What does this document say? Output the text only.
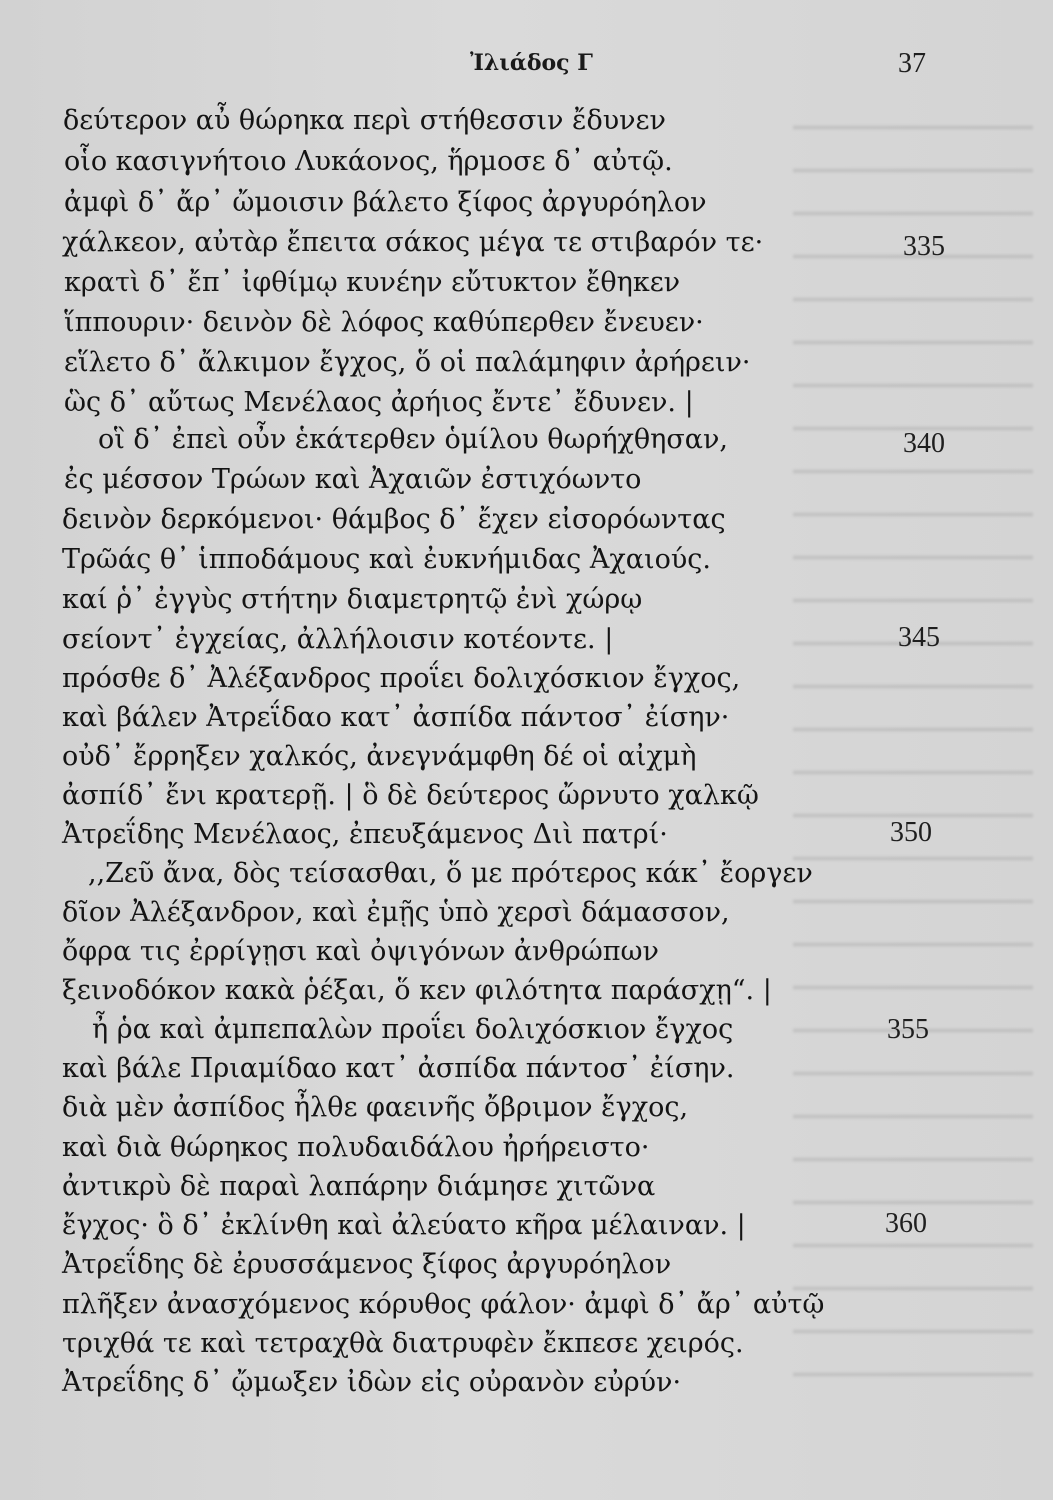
Ἰλιάδος Γ	37
δεύτερον αὖ θώρηκα περὶ στήθεσσιν ἔδυνεν
οἷο κασιγνήτοιο Λυκάονος, ἥρμοσε δ᾽ αὐτῷ.
ἀμφὶ δ᾽ ἄρ᾽ ὤμοισιν βάλετο ξίφος ἀργυρόηλον
χάλκεον, αὐτὰρ ἔπειτα σάκος μέγα τε στιβαρόν τε·
κρατὶ δ᾽ ἔπ᾽ ἰφθίμῳ κυνέην εὔτυκτον ἔθηκεν
ἵππουριν· δεινὸν δὲ λόφος καθύπερθεν ἔνευεν·
εἵλετο δ᾽ ἄλκιμον ἔγχος, ὅ οἱ παλάμηφιν ἀρήρειν·
ὣς δ᾽ αὔτως Μενέλαος ἀρήιος ἔντε᾽ ἔδυνεν. |
οἳ δ᾽ ἐπεὶ οὖν ἑκάτερθεν ὁμίλου θωρήχθησαν,
ἐς μέσσον Τρώων καὶ Ἀχαιῶν ἐστιχόωντο
δεινὸν δερκόμενοι· θάμβος δ᾽ ἔχεν εἰσορόωντας
Τρῶάς θ᾽ ἱπποδάμους καὶ ἐυκνήμιδας Ἀχαιούς.
καί ῥ᾽ ἐγγὺς στήτην διαμετρητῷ ἐνὶ χώρῳ
σείοντ᾽ ἐγχείας, ἀλλήλοισιν κοτέοντε. |
πρόσθε δ᾽ Ἀλέξανδρος προΐει δολιχόσκιον ἔγχος,
καὶ βάλεν Ἀτρεΐδαο κατ᾽ ἀσπίδα πάντοσ᾽ ἐίσην·
οὐδ᾽ ἔρρηξεν χαλκός, ἀνεγνάμφθη δέ οἱ αἰχμὴ
ἀσπίδ᾽ ἔνι κρατερῇ. | ὃ δὲ δεύτερος ὤρνυτο χαλκῷ
Ἀτρεΐδης Μενέλαος, ἐπευξάμενος Διὶ πατρί·
,,Ζεῦ ἄνα, δὸς τείσασθαι, ὅ με πρότερος κάκ᾽ ἔοργεν
δῖον Ἀλέξανδρον, καὶ ἐμῇς ὑπὸ χερσὶ δάμασσον,
ὄφρα τις ἐρρίγῃσι καὶ ὀψιγόνων ἀνθρώπων
ξεινοδόκον κακὰ ῥέξαι, ὅ κεν φιλότητα παράσχῃ“. |
ἦ ῥα καὶ ἀμπεπαλὼν προΐει δολιχόσκιον ἔγχος
καὶ βάλε Πριαμίδαο κατ᾽ ἀσπίδα πάντοσ᾽ ἐίσην.
διὰ μὲν ἀσπίδος ἦλθε φαεινῆς ὄβριμον ἔγχος,
καὶ διὰ θώρηκος πολυδαιδάλου ἠρήρειστο·
ἀντικρὺ δὲ παραὶ λαπάρην διάμησε χιτῶνα
ἔγχος· ὃ δ᾽ ἐκλίνθη καὶ ἀλεύατο κῆρα μέλαιναν. |
Ἀτρεΐδης δὲ ἐρυσσάμενος ξίφος ἀργυρόηλον
πλῆξεν ἀνασχόμενος κόρυθος φάλον· ἀμφὶ δ᾽ ἄρ᾽ αὐτῷ
τριχθά τε καὶ τετραχθὰ διατρυφὲν ἔκπεσε χειρός.
Ἀτρεΐδης δ᾽ ᾤμωξεν ἰδὼν εἰς οὐρανὸν εὐρύν·
335
340
345
350
355
360
